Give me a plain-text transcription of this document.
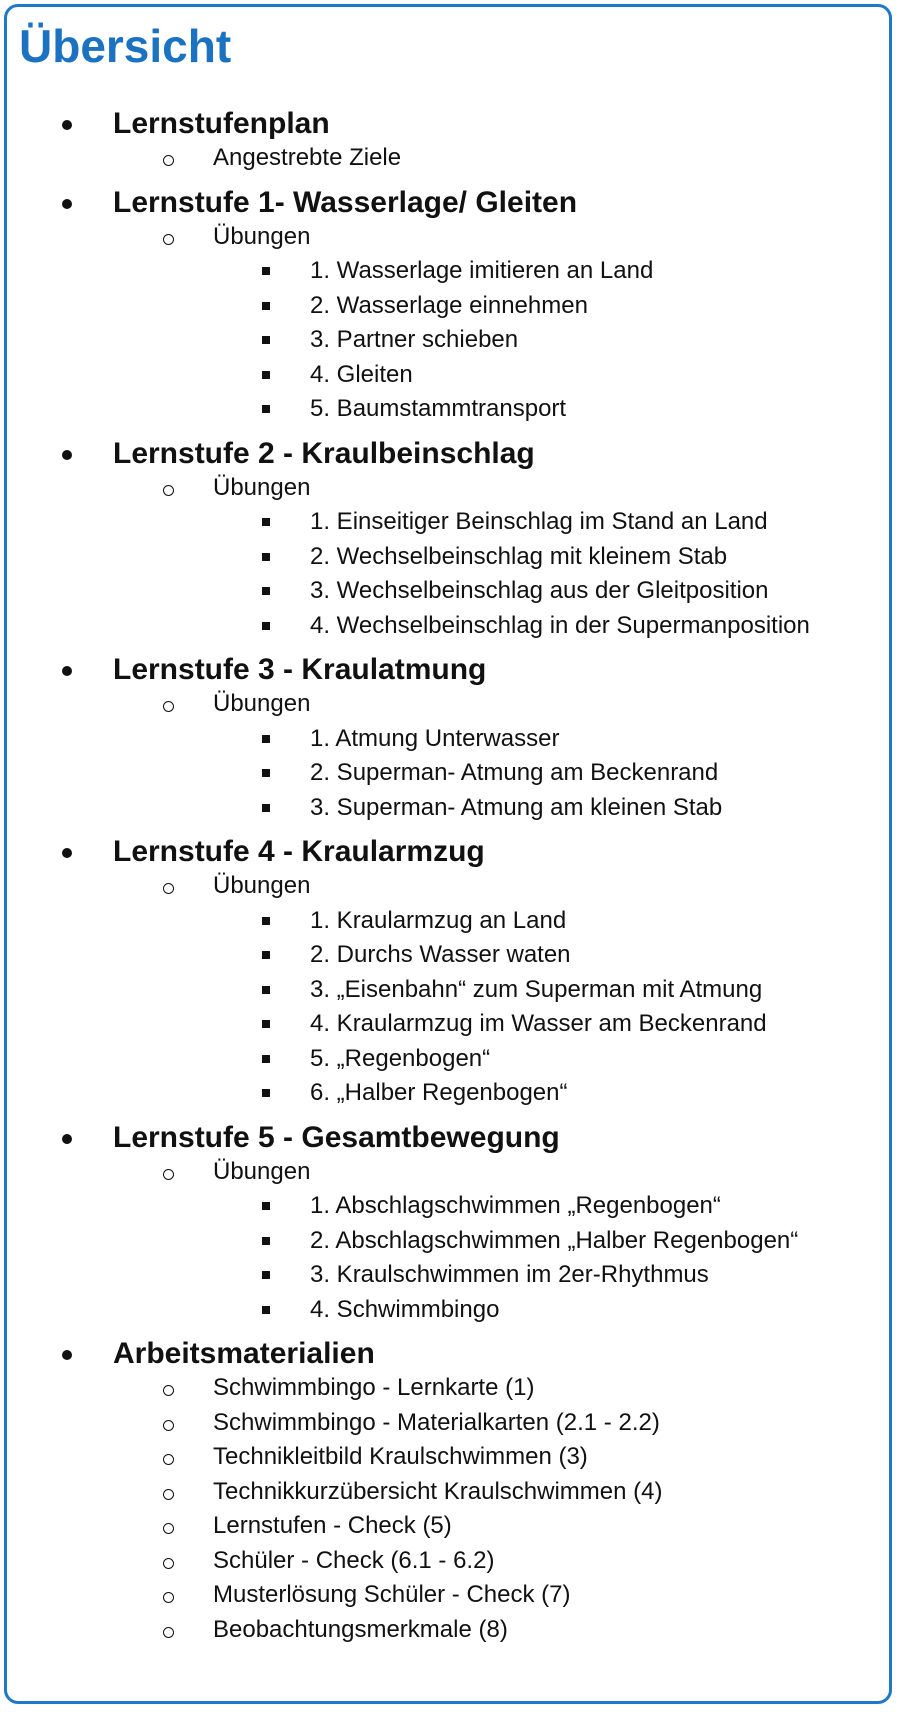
Übersicht
Lernstufenplan
Angestrebte Ziele
Lernstufe 1- Wasserlage/ Gleiten
Übungen
1. Wasserlage imitieren an Land
2. Wasserlage einnehmen
3. Partner schieben
4. Gleiten
5. Baumstammtransport
Lernstufe 2 - Kraulbeinschlag
Übungen
1. Einseitiger Beinschlag im Stand an Land
2. Wechselbeinschlag mit kleinem Stab
3. Wechselbeinschlag aus der Gleitposition
4. Wechselbeinschlag in der Supermanposition
Lernstufe 3 - Kraulatmung
Übungen
1. Atmung Unterwasser
2. Superman- Atmung am Beckenrand
3. Superman- Atmung am kleinen Stab
Lernstufe 4 - Kraularmzug
Übungen
1. Kraularmzug an Land
2. Durchs Wasser waten
3. „Eisenbahn“ zum Superman mit Atmung
4. Kraularmzug im Wasser am Beckenrand
5. „Regenbogen“
6. „Halber Regenbogen“
Lernstufe 5 - Gesamtbewegung
Übungen
1. Abschlagschwimmen „Regenbogen“
2. Abschlagschwimmen „Halber Regenbogen“
3. Kraulschwimmen im 2er-Rhythmus
4. Schwimmbingo
Arbeitsmaterialien
Schwimmbingo - Lernkarte (1)
Schwimmbingo - Materialkarten (2.1 - 2.2)
Technikleitbild Kraulschwimmen (3)
Technikkurzübersicht Kraulschwimmen (4)
Lernstufen - Check (5)
Schüler - Check (6.1 - 6.2)
Musterlösung Schüler - Check (7)
Beobachtungsmerkmale (8)
